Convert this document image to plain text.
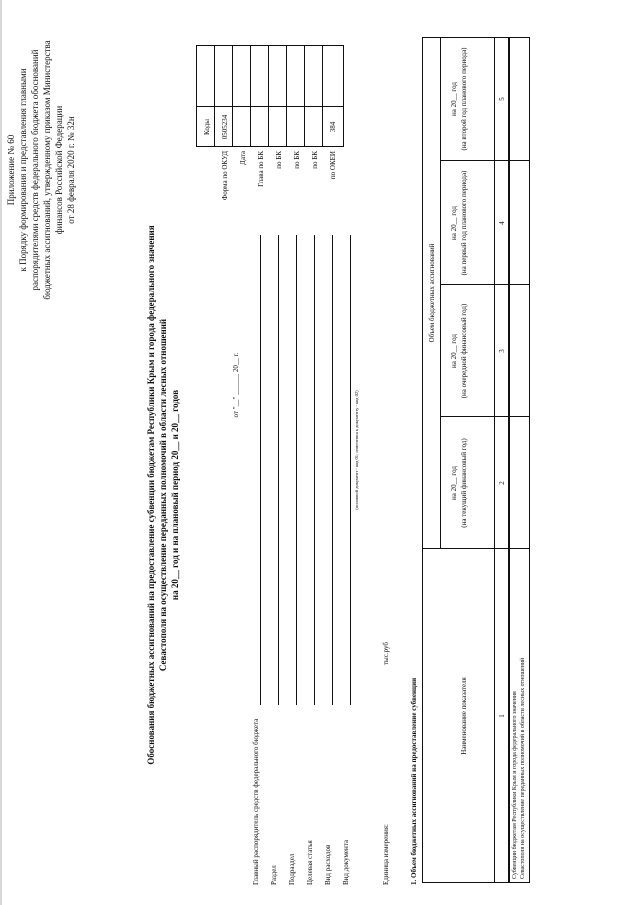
Приложение № 60 к Порядку формирования и представления главными распорядителями средств федерального бюджета обоснований бюджетных ассигнований, утвержденному приказом Министерства финансов Российской Федерации от 28 февраля 2020 г. № 32н
Обоснования бюджетных ассигнований на предоставление субвенции бюджетам Республики Крым и города федерального значения Севастополя на осуществление переданных полномочий в области лесных отношений на 20__ год и на плановый период 20__ и 20__ годов
Коды 0505234	384
Форма по ОКУД Дата Глава по БК по БК по БК по БК по ОКЕИ
от "__" ______ 20__ г.
Главный распорядитель средств федерального бюджета Раздел Подраздел Целевая статья Вид расходов Вид документа
(основной документ - код 01; изменения к документу - код 02)
Единица измерения:
тыс.руб
1. Объем бюджетных ассигнований на предоставление субвенции	Наименование показателя
Объем бюджетных ассигнований
на 20__ год (на текущий финансовый год)
на 20__ год (на очередной финансовый год)
на 20__ год (на первый год планового периода)
на 20__ год (на второй год планового периода)
1
2
3
4
5
Субвенции бюджетам Республики Крым и города федерального значения Севастополя на осуществление переданных полномочий в области лесных отношений
